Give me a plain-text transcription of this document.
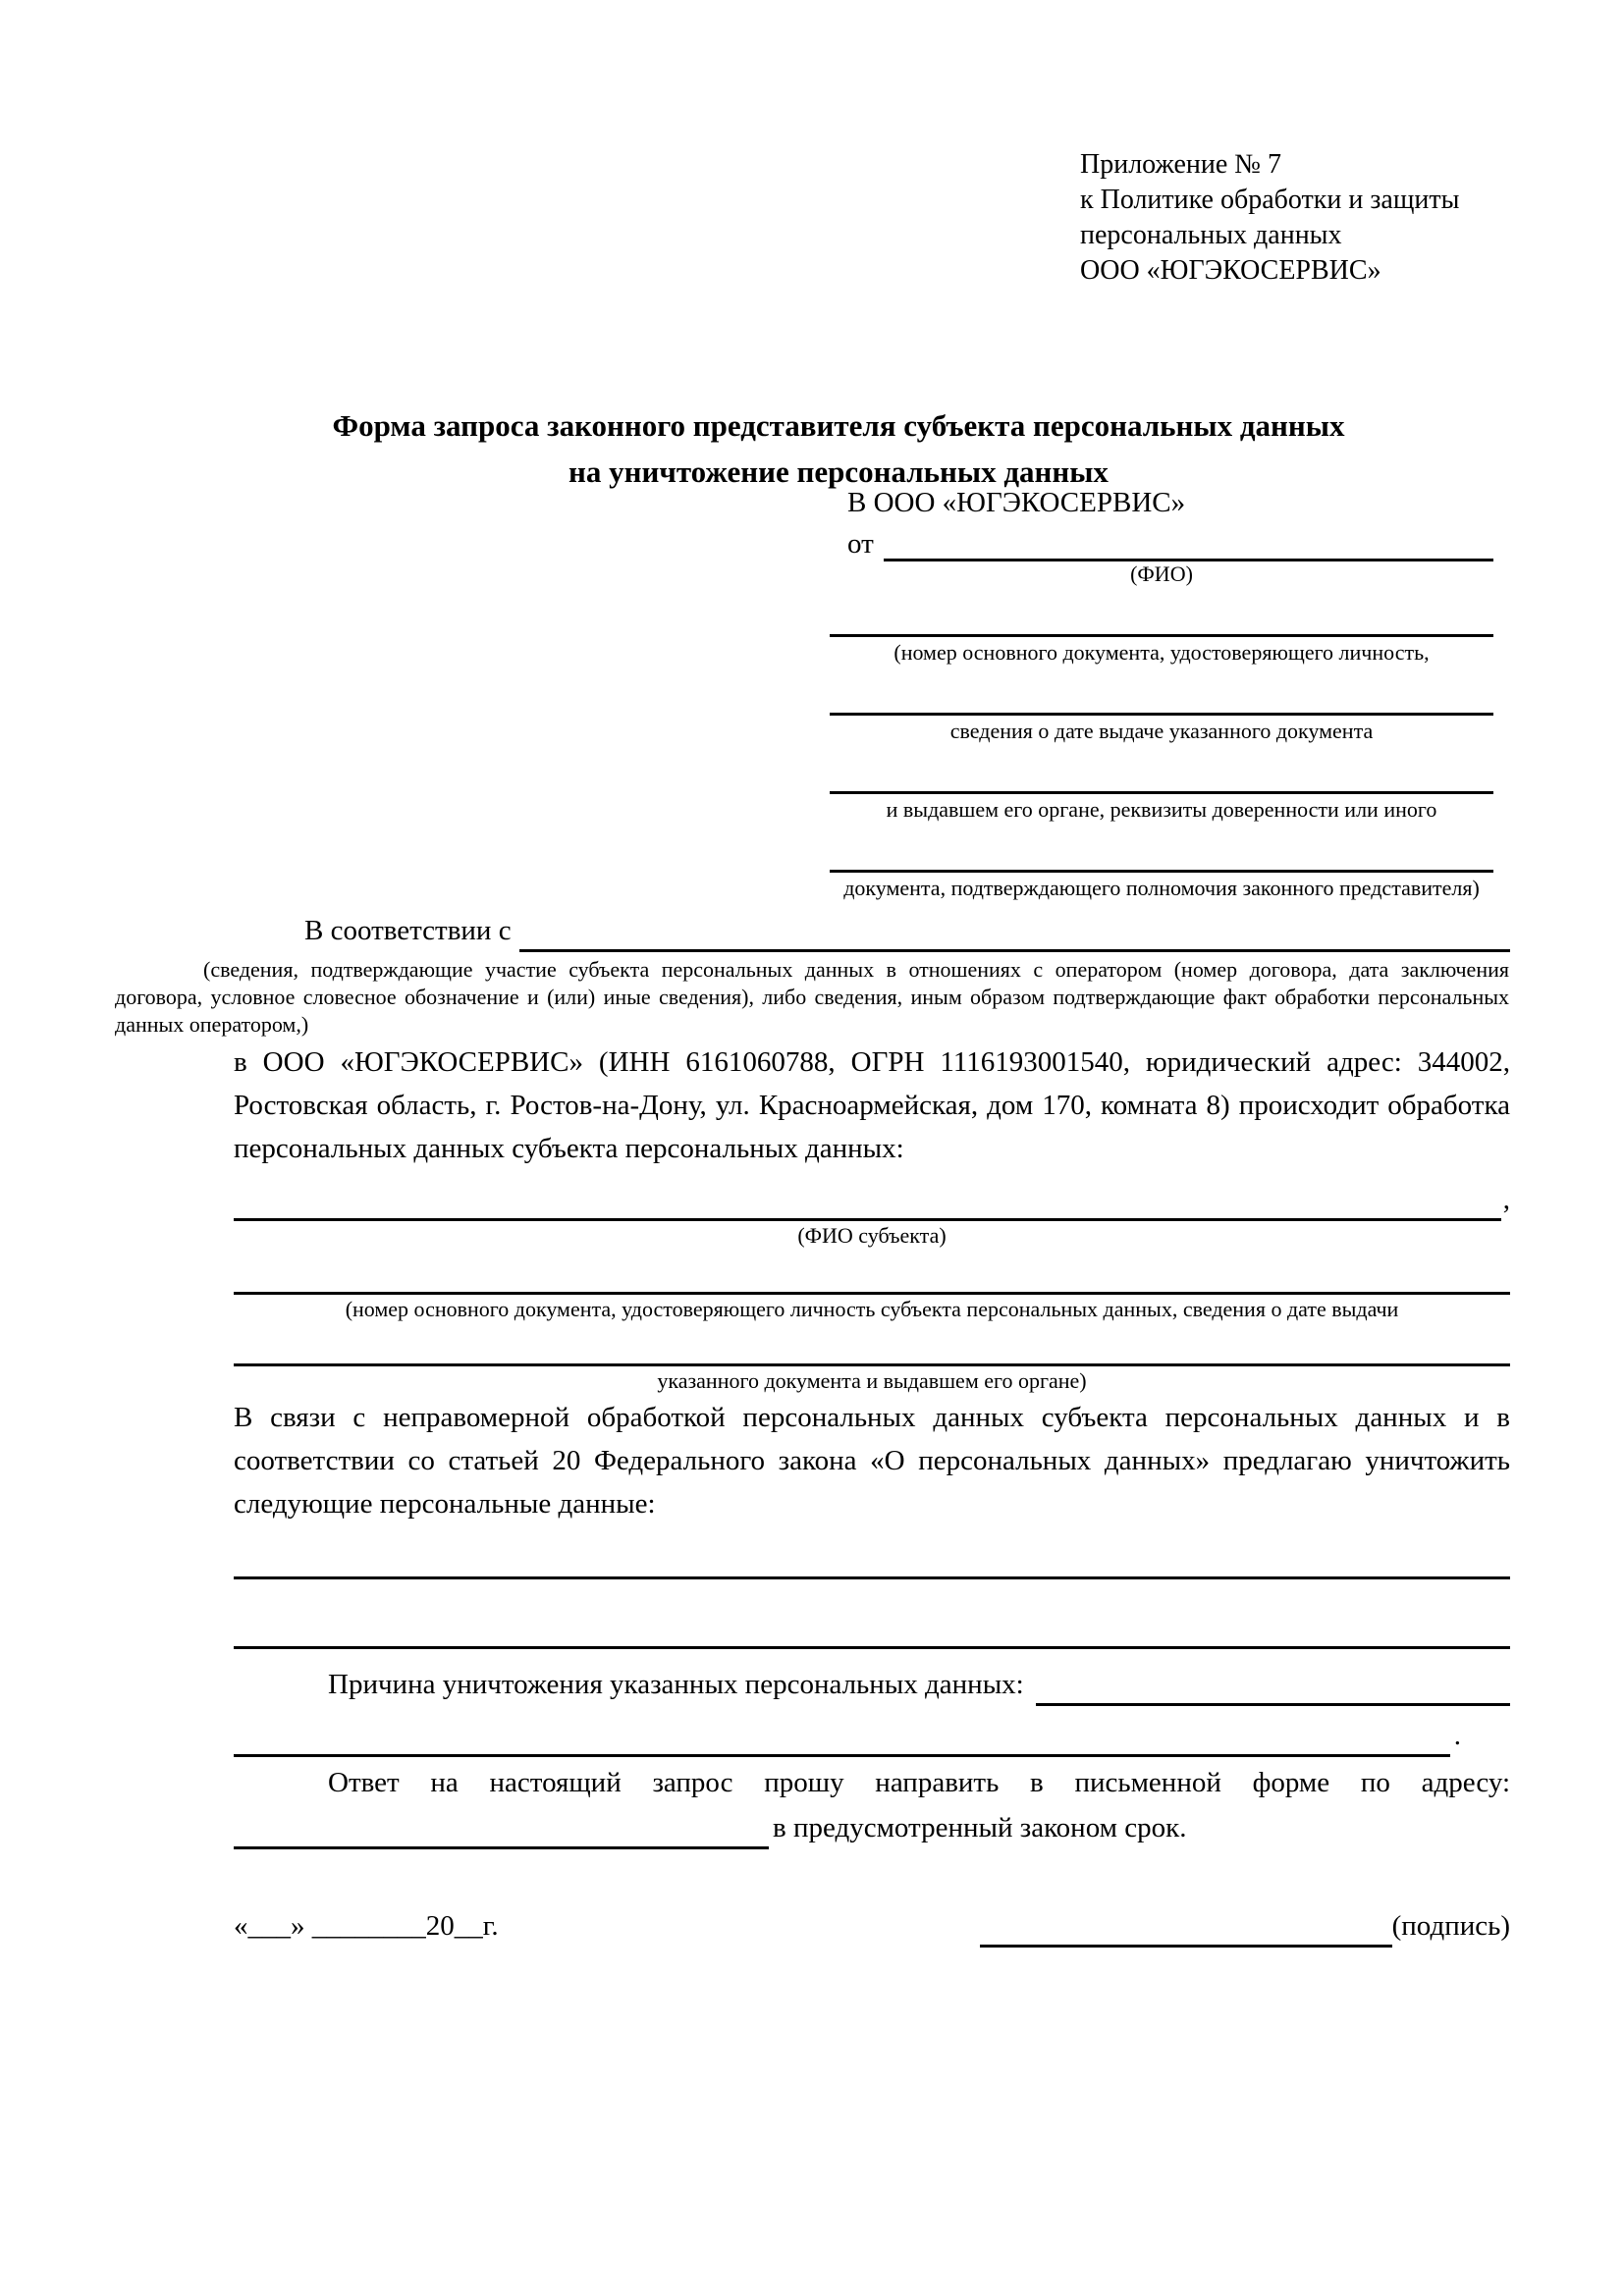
Приложение № 7
к Политике обработки и защиты
персональных данных
ООО «ЮГЭКОСЕРВИС»
Форма запроса законного представителя субъекта персональных данных
на уничтожение персональных данных
В ООО «ЮГЭКОСЕРВИС»
от
(ФИО)
(номер основного документа, удостоверяющего личность,
сведения о дате выдаче указанного документа
и выдавшем его органе, реквизиты доверенности или иного
документа, подтверждающего полномочия законного представителя)
В соответствии с
(сведения, подтверждающие участие субъекта персональных данных в отношениях с оператором (номер договора, дата заключения договора, условное словесное обозначение и (или) иные сведения), либо сведения, иным образом подтверждающие факт обработки персональных данных оператором,)

в ООО «ЮГЭКОСЕРВИС» (ИНН 6161060788, ОГРН 1116193001540, юридический адрес: 344002, Ростовская область, г. Ростов-на-Дону, ул. Красноармейская, дом 170, комната 8) происходит обработка персональных данных субъекта персональных данных:

,
(ФИО субъекта)
(номер основного документа, удостоверяющего личность субъекта персональных данных, сведения о дате выдачи
указанного документа и выдавшем его органе)

В связи с неправомерной обработкой персональных данных субъекта персональных данных и в соответствии со статьей 20 Федерального закона «О персональных данных» предлагаю уничтожить следующие персональные данные:

Причина уничтожения указанных персональных данных:
.

Ответ на настоящий запрос прошу направить в письменной форме по адресу:

в предусмотренный законом срок.
«___» ________20__г.	(подпись)
